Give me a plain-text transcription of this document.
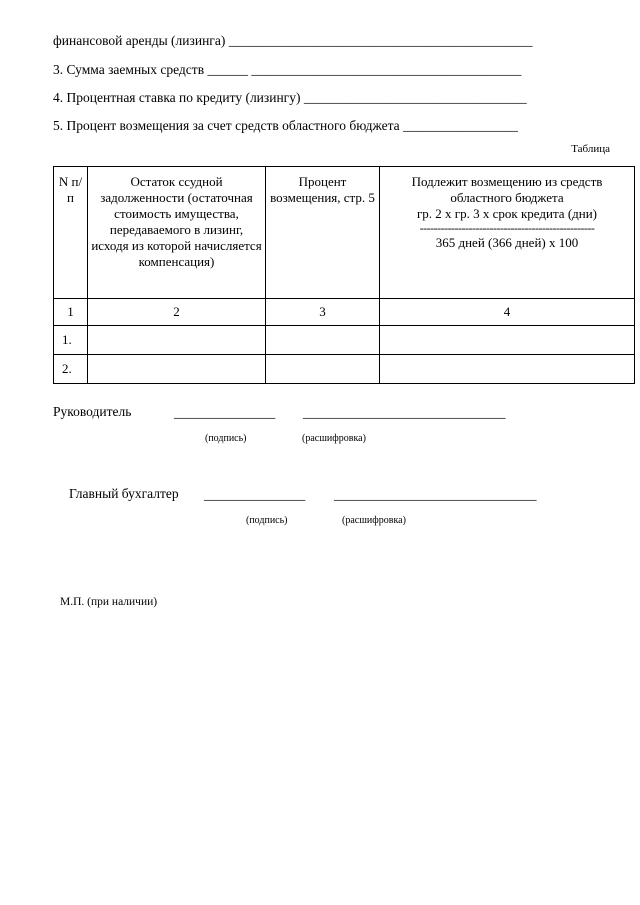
финансовой аренды (лизинга) _____________________________________________
3. Сумма заемных средств ______ ________________________________________
4. Процентная ставка по кредиту (лизингу) _________________________________
5. Процент возмещения за счет средств областного бюджета _________________
Таблица
N п/п	Остаток ссудной задолженности (остаточная стоимость имущества, передаваемого в лизинг, исходя из которой начисляется компенсация)	Процент возмещения, стр. 5	Подлежит возмещению из средств областного бюджета
гр. 2 х гр. 3 х срок кредита (дни)
--------------------------------------------------
365 дней (366 дней) х 100

1	2	3	4
1.			
2.			
Руководитель	_______________ ______________________________
(подпись)	(расшифровка)
Главный бухгалтер _______________ ______________________________
(подпись)	(расшифровка)
М.П. (при наличии)
